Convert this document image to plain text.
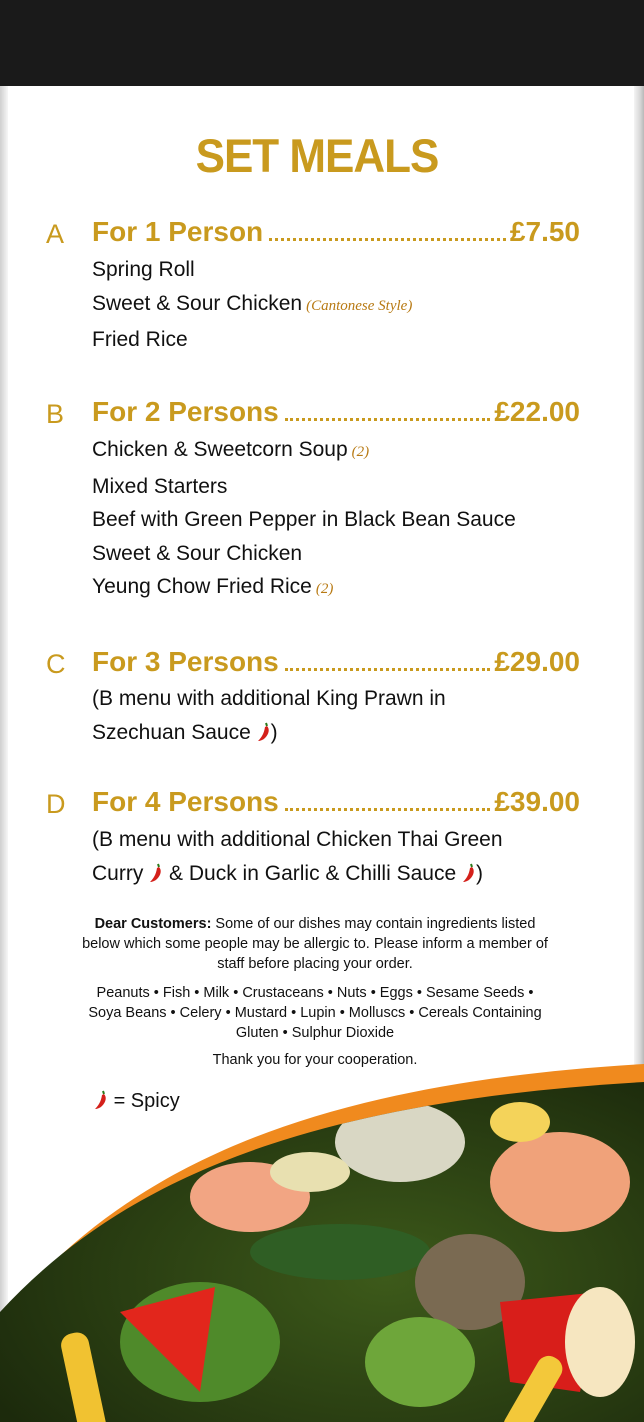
SET MEALS
A For 1 Person	£7.50
Spring Roll
Sweet & Sour Chicken (Cantonese Style)
Fried Rice
B For 2 Persons	£22.00
Chicken & Sweetcorn Soup (2)
Mixed Starters
Beef with Green Pepper in Black Bean Sauce
Sweet & Sour Chicken
Yeung Chow Fried Rice (2)
C For 3 Persons	£29.00
(B menu with additional King Prawn in
Szechuan Sauce )
D For 4 Persons	£39.00
(B menu with additional Chicken Thai Green
Curry & Duck in Garlic & Chilli Sauce )
Dear Customers: Some of our dishes may contain ingredients listed
below which some people may be allergic to. Please inform a member of
staff before placing your order.
Peanuts • Fish • Milk • Crustaceans • Nuts • Eggs • Sesame Seeds •
Soya Beans • Celery • Mustard • Lupin • Molluscs • Cereals Containing
Gluten • Sulphur Dioxide
Thank you for your cooperation.
= Spicy
